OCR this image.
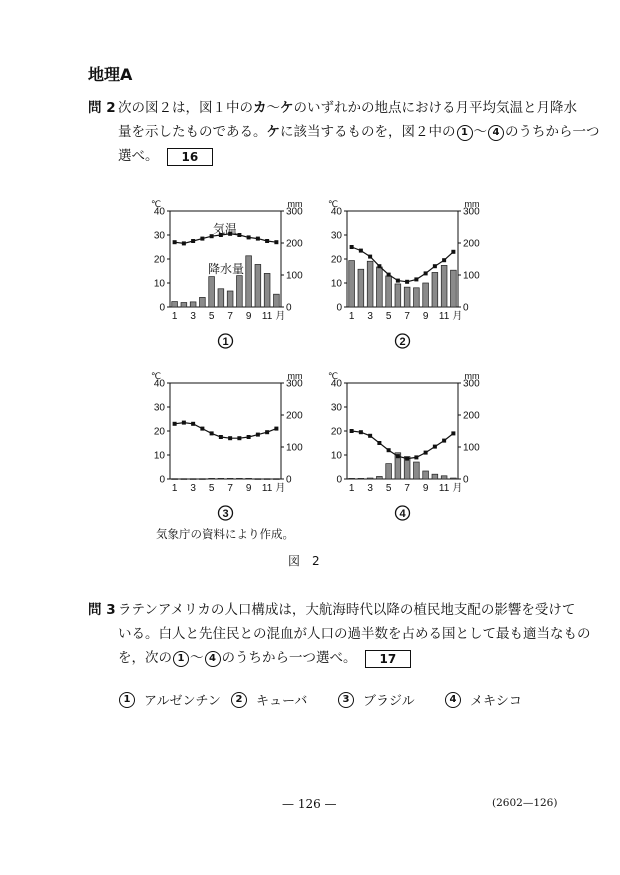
地理A
問 2 次の図２は，図１中のカ～ケのいずれかの地点における月平均気温と月降水
量を示したものである。ケに該当するものを，図２中の 1 ～ 4 のうちから一つ
選べ。 16
℃	mm
0
10
20
30
40
0
100
200
300
1 3 5 7 9 11 月
1
気温
降水量
℃	mm
0
10
20
30
40
0
100
200
300
1 3 5 7 9 11 月
2
℃	mm
0
10
20
30
40
0
100
200
300
1 3 5 7 9 11 月
3
℃	mm
0
10
20
30
40
0
100
200
300
1 3 5 7 9 11 月
4
気象庁の資料により作成。
図　2
問 3 ラテンアメリカの人口構成は，大航海時代以降の植民地支配の影響を受けて
いる。白人と先住民との混血が人口の過半数を占める国として最も適当なもの
を，次の 1 ～ 4 のうちから一つ選べ。 17
1	アルゼンチン	2	キューバ	3	ブラジル	4	メキシコ
— 126 —	(2602—126)
